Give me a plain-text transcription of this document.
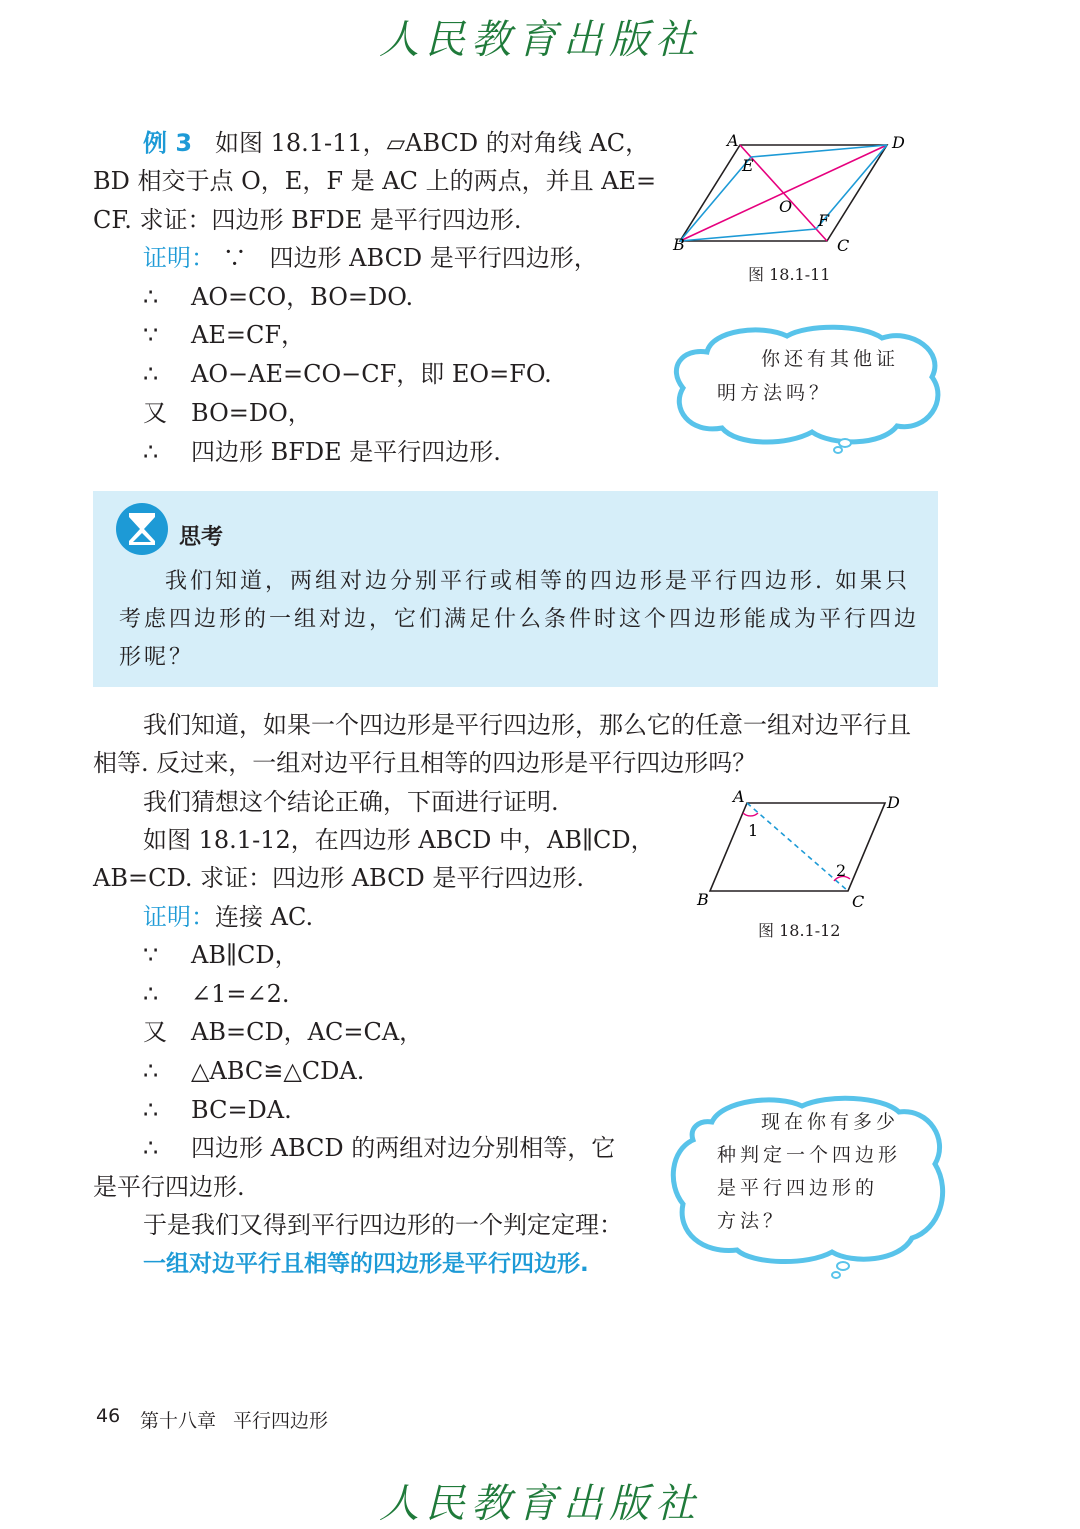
人民教育出版社
例 3 如图 18.1-11，▱ABCD 的对角线 AC，
BD 相交于点 O，E，F 是 AC 上的两点，并且 AE=
CF. 求证：四边形 BFDE 是平行四边形.
证明： ∵ 四边形 ABCD 是平行四边形，
∴ AO=CO，BO=DO.
∵ AE=CF，
∴ AO−AE=CO−CF，即 EO=FO.
又 BO=DO，
∴ 四边形 BFDE 是平行四边形.
A	D
B	C
E
F
O
图 18.1-11
你还有其他证
明方法吗？
思考
我们知道，两组对边分别平行或相等的四边形是平行四边形. 如果只
考虑四边形的一组对边，它们满足什么条件时这个四边形能成为平行四边
形呢？
我们知道，如果一个四边形是平行四边形，那么它的任意一组对边平行且
相等. 反过来，一组对边平行且相等的四边形是平行四边形吗？
我们猜想这个结论正确，下面进行证明.
如图 18.1-12，在四边形 ABCD 中，AB∥CD，
AB=CD. 求证：四边形 ABCD 是平行四边形.
证明：连接 AC.
∵ AB∥CD，
∴ ∠1=∠2.
又 AB=CD，AC=CA，
∴ △ABC≌△CDA.
∴ BC=DA.
∴ 四边形 ABCD 的两组对边分别相等，它
是平行四边形.
于是我们又得到平行四边形的一个判定定理：
一组对边平行且相等的四边形是平行四边形.
A	D
B	C
1
2
图 18.1-12
现在你有多少
种判定一个四边形
是平行四边形的
方法？
46 第十八章 平行四边形
人民教育出版社
